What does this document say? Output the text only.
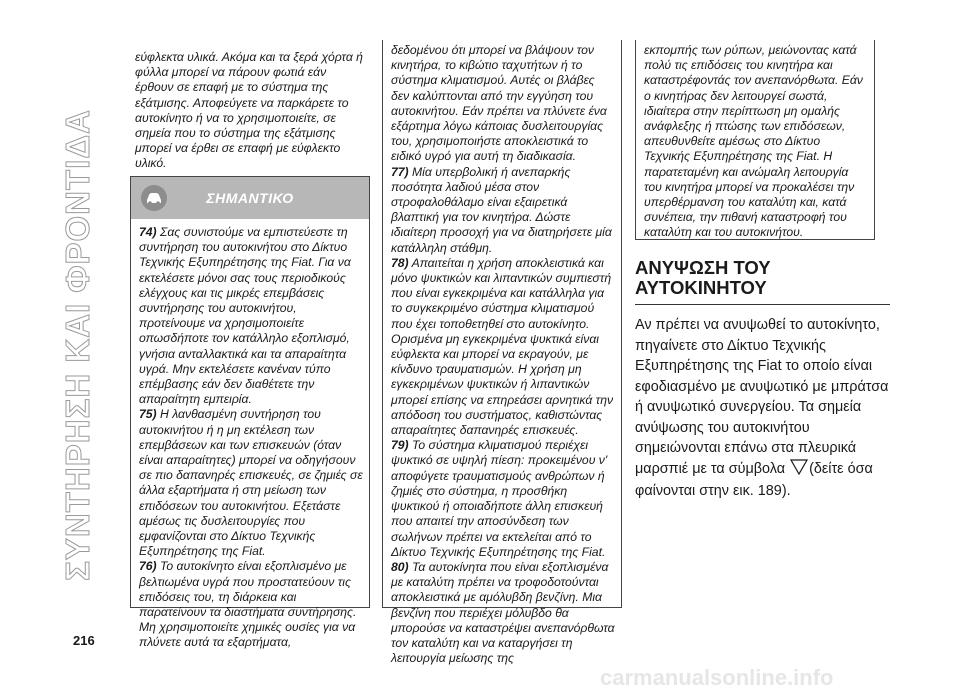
ΣΥΝΤΗΡΗΣΗ ΚΑΙ ΦΡΟΝΤΙΔΑ

εύφλεκτα υλικά. Ακόμα και τα ξερά χόρτα ή φύλλα μπορεί να πάρουν φωτιά εάν έρθουν σε επαφή με το σύστημα της εξάτμισης. Αποφεύγετε να παρκάρετε το αυτοκίνητο ή να το χρησιμοποιείτε, σε σημεία που το σύστημα της εξάτμισης μπορεί να έρθει σε επαφή με εύφλεκτο υλικό.

ΣΗΜΑΝΤΙΚΟ

74) Σας συνιστούμε να εμπιστεύεστε τη συντήρηση του αυτοκινήτου στο Δίκτυο Τεχνικής Εξυπηρέτησης της Fiat. Για να εκτελέσετε μόνοι σας τους περιοδικούς ελέγχους και τις μικρές επεμβάσεις συντήρησης του αυτοκινήτου, προτείνουμε να χρησιμοποιείτε οπωσδήποτε τον κατάλληλο εξοπλισμό, γνήσια ανταλλακτικά και τα απαραίτητα υγρά. Μην εκτελέσετε κανέναν τύπο επέμβασης εάν δεν διαθέτετε την απαραίτητη εμπειρία.

75) Η λανθασμένη συντήρηση του αυτοκινήτου ή η μη εκτέλεση των επεμβάσεων και των επισκευών (όταν είναι απαραίτητες) μπορεί να οδηγήσουν σε πιο δαπανηρές επισκευές, σε ζημιές σε άλλα εξαρτήματα ή στη μείωση των επιδόσεων του αυτοκινήτου. Εξετάστε αμέσως τις δυσλειτουργίες που εμφανίζονται στο Δίκτυο Τεχνικής Εξυπηρέτησης της Fiat.

76) Το αυτοκίνητο είναι εξοπλισμένο με βελτιωμένα υγρά που προστατεύουν τις επιδόσεις του, τη διάρκεια και παρατείνουν τα διαστήματα συντήρησης. Μη χρησιμοποιείτε χημικές ουσίες για να πλύνετε αυτά τα εξαρτήματα,

δεδομένου ότι μπορεί να βλάψουν τον κινητήρα, το κιβώτιο ταχυτήτων ή το σύστημα κλιματισμού. Αυτές οι βλάβες δεν καλύπτονται από την εγγύηση του αυτοκινήτου. Εάν πρέπει να πλύνετε ένα εξάρτημα λόγω κάποιας δυσλειτουργίας του, χρησιμοποιήστε αποκλειστικά το ειδικό υγρό για αυτή τη διαδικασία.

77) Μία υπερβολική ή ανεπαρκής ποσότητα λαδιού μέσα στον στροφαλοθάλαμο είναι εξαιρετικά βλαπτική για τον κινητήρα. Δώστε ιδιαίτερη προσοχή για να διατηρήσετε μία κατάλληλη στάθμη.

78) Απαιτείται η χρήση αποκλειστικά και μόνο ψυκτικών και λιπαντικών συμπιεστή που είναι εγκεκριμένα και κατάλληλα για το συγκεκριμένο σύστημα κλιματισμού που έχει τοποθετηθεί στο αυτοκίνητο. Ορισμένα μη εγκεκριμένα ψυκτικά είναι εύφλεκτα και μπορεί να εκραγούν, με κίνδυνο τραυματισμών. Η χρήση μη εγκεκριμένων ψυκτικών ή λιπαντικών μπορεί επίσης να επηρεάσει αρνητικά την απόδοση του συστήματος, καθιστώντας απαραίτητες δαπανηρές επισκευές.

79) Το σύστημα κλιματισμού περιέχει ψυκτικό σε υψηλή πίεση: προκειμένου ν' αποφύγετε τραυματισμούς ανθρώπων ή ζημιές στο σύστημα, η προσθήκη ψυκτικού ή οποιαδήποτε άλλη επισκευή που απαιτεί την αποσύνδεση των σωλήνων πρέπει να εκτελείται από το Δίκτυο Τεχνικής Εξυπηρέτησης της Fiat.

80) Τα αυτοκίνητα που είναι εξοπλισμένα με καταλύτη πρέπει να τροφοδοτούνται αποκλειστικά με αμόλυβδη βενζίνη. Μια βενζίνη που περιέχει μόλυβδο θα μπορούσε να καταστρέψει ανεπανόρθωτα τον καταλύτη και να καταργήσει τη λειτουργία μείωσης της

εκπομπής των ρύπων, μειώνοντας κατά πολύ τις επιδόσεις του κινητήρα και καταστρέφοντάς τον ανεπανόρθωτα. Εάν ο κινητήρας δεν λειτουργεί σωστά, ιδιαίτερα στην περίπτωση μη ομαλής ανάφλεξης ή πτώσης των επιδόσεων, απευθυνθείτε αμέσως στο Δίκτυο Τεχνικής Εξυπηρέτησης της Fiat. Η παρατεταμένη και ανώμαλη λειτουργία του κινητήρα μπορεί να προκαλέσει την υπερθέρμανση του καταλύτη και, κατά συνέπεια, την πιθανή καταστροφή του καταλύτη και του αυτοκινήτου.

ΑΝΥΨΩΣΗ ΤΟΥ
ΑΥΤΟΚΙΝΗΤΟΥ
Αν πρέπει να ανυψωθεί το αυτοκίνητο, πηγαίνετε στο Δίκτυο Τεχνικής Εξυπηρέτησης της Fiat το οποίο είναι εφοδιασμένο με ανυψωτικό με μπράτσα ή ανυψωτικό συνεργείου. Τα σημεία ανύψωσης του αυτοκινήτου σημειώνονται επάνω στα πλευρικά μαρσπιέ με τα σύμβολα (δείτε όσα φαίνονται στην εικ. 189).
216
carmanualsonline.info
